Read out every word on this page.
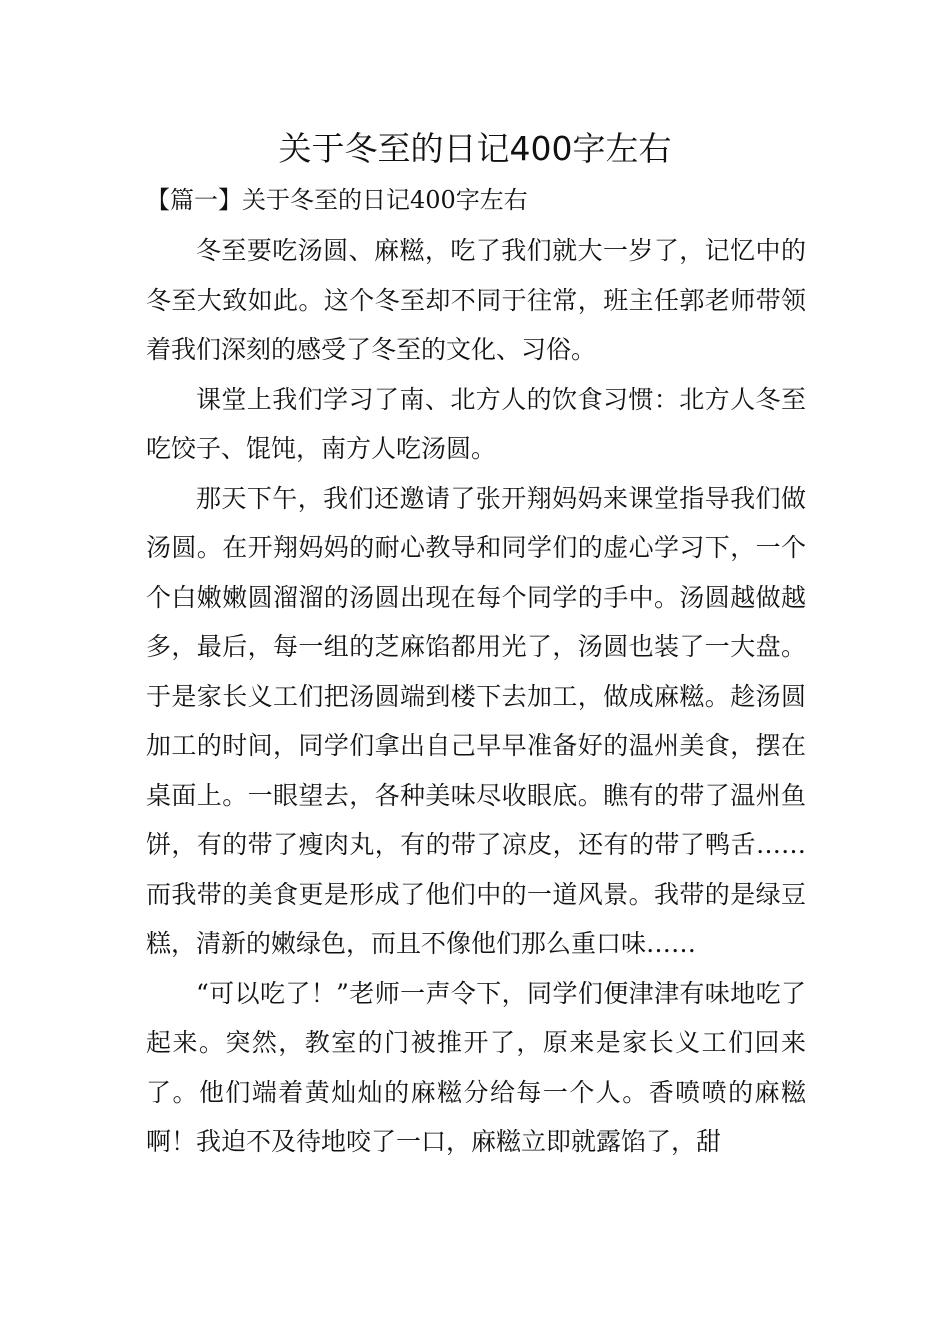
关于冬至的日记400字左右
【篇一】关于冬至的日记400字左右

冬至要吃汤圆、麻糍，吃了我们就大一岁了，记忆中的冬至大致如此。这个冬至却不同于往常，班主任郭老师带领着我们深刻的感受了冬至的文化、习俗。

课堂上我们学习了南、北方人的饮食习惯：北方人冬至吃饺子、馄饨，南方人吃汤圆。

那天下午，我们还邀请了张开翔妈妈来课堂指导我们做汤圆。在开翔妈妈的耐心教导和同学们的虚心学习下，一个个白嫩嫩圆溜溜的汤圆出现在每个同学的手中。汤圆越做越多，最后，每一组的芝麻馅都用光了，汤圆也装了一大盘。于是家长义工们把汤圆端到楼下去加工，做成麻糍。趁汤圆加工的时间，同学们拿出自己早早准备好的温州美食，摆在桌面上。一眼望去，各种美味尽收眼底。瞧有的带了温州鱼饼，有的带了瘦肉丸，有的带了凉皮，还有的带了鸭舌……而我带的美食更是形成了他们中的一道风景。我带的是绿豆糕，清新的嫩绿色，而且不像他们那么重口味……

“可以吃了！”老师一声令下，同学们便津津有味地吃了起来。突然，教室的门被推开了，原来是家长义工们回来了。他们端着黄灿灿的麻糍分给每一个人。香喷喷的麻糍啊！我迫不及待地咬了一口，麻糍立即就露馅了，甜
